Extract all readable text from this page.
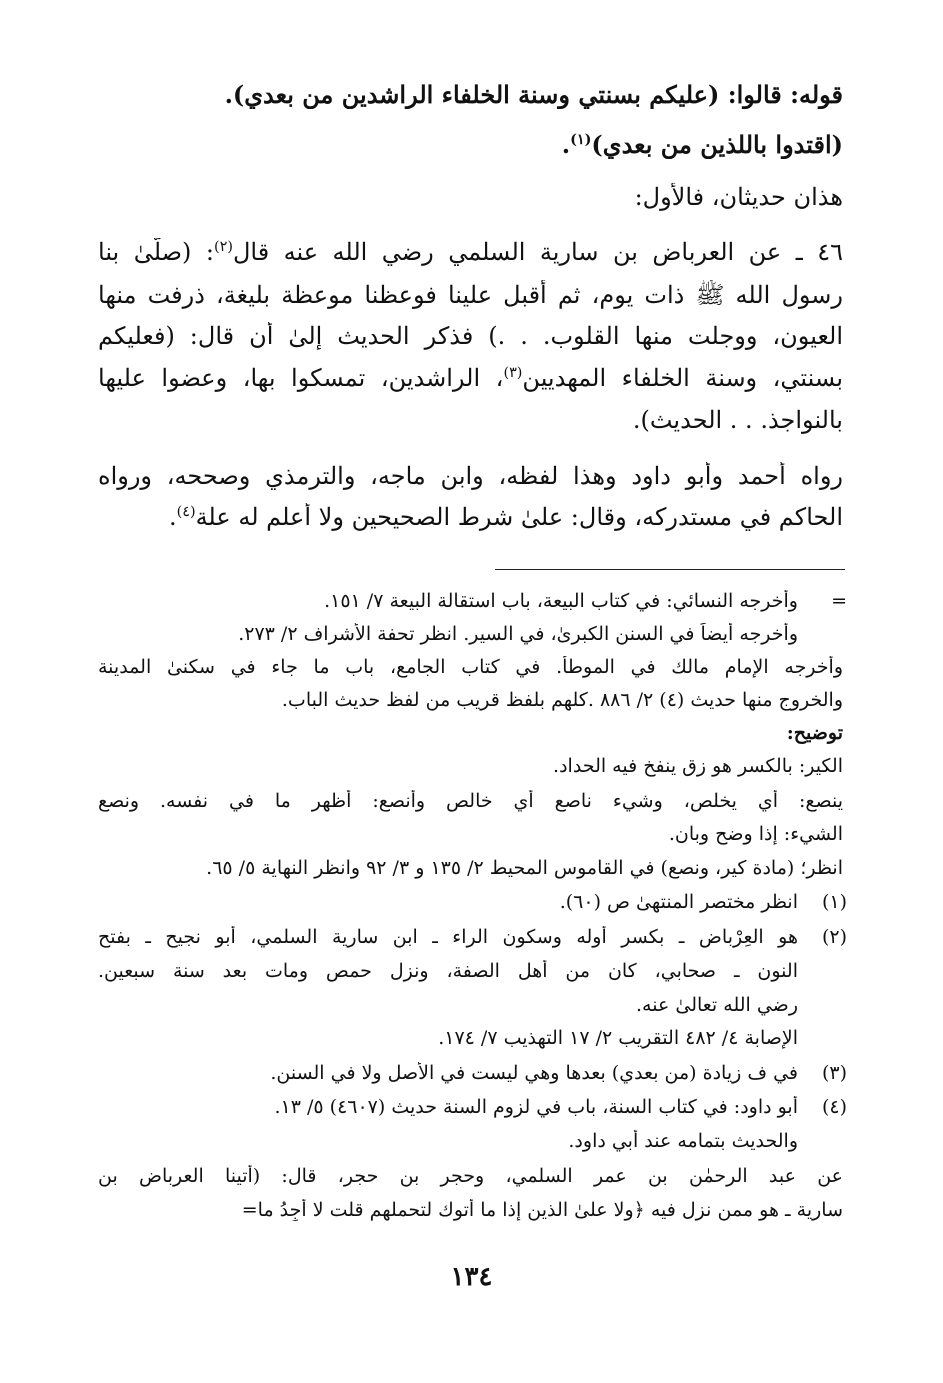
قوله: قالوا: (عليكم بسنتي وسنة الخلفاء الراشدين من بعدي).
(اقتدوا باللذين من بعدي)$^{(١)}$.
هذان حديثان، فالأول:
٤٦ ـ عن العرباض بن سارية السلمي رضي الله عنه قال$^{(٢)}$: (صلّىٰ بنا
رسول الله ﷺ ذات يوم، ثم أقبل علينا فوعظنا موعظة بليغة، ذرفت منها
العيون، ووجلت منها القلوب. . .) فذكر الحديث إلىٰ أن قال: (فعليكم
بسنتي، وسنة الخلفاء المهديين$^{(٣)}$، الراشدين، تمسكوا بها، وعضوا عليها
بالنواجذ. . . الحديث).
رواه أحمد وأبو داود وهذا لفظه، وابن ماجه، والترمذي وصححه، ورواه
الحاكم في مستدركه، وقال: علىٰ شرط الصحيحين ولا أعلم له علة$^{(٤)}$.
=
وأخرجه النسائي: في كتاب البيعة، باب استقالة البيعة ٧/ ١٥١.
وأخرجه أيضاً في السنن الكبرىٰ، في السير. انظر تحفة الأشراف ٢/ ٢٧٣.
وأخرجه الإمام مالك في الموطأ. في كتاب الجامع، باب ما جاء في سكنىٰ المدينة
والخروج منها حديث (٤) ٢/ ٨٨٦ .كلهم بلفظ قريب من لفظ حديث الباب.
توضيح:
الكير: بالكسر هو زق ينفخ فيه الحداد.
ينصع: أي يخلص، وشيء ناصع أي خالص وأنصع: أظهر ما في نفسه. ونصع
الشيء: إذا وضح وبان.
انظر؛ (مادة كير، ونصع) في القاموس المحيط ٢/ ١٣٥ و ٣/ ٩٢ وانظر النهاية ٥/ ٦٥.
(١)
انظر مختصر المنتهىٰ ص (٦٠).
(٢)
هو العِرْباض ـ بكسر أوله وسكون الراء ـ ابن سارية السلمي، أبو نجيح ـ بفتح
النون ـ صحابي، كان من أهل الصفة، ونزل حمص ومات بعد سنة سبعين.
رضي الله تعالىٰ عنه.
الإصابة ٤/ ٤٨٢ التقريب ٢/ ١٧ التهذيب ٧/ ١٧٤.
(٣)
في ف زيادة (من بعدي) بعدها وهي ليست في الأصل ولا في السنن.
(٤)
أبو داود: في كتاب السنة، باب في لزوم السنة حديث (٤٦٠٧) ٥/ ١٣.
والحديث بتمامه عند أبي داود.
عن عبد الرحمٰن بن عمر السلمي، وحجر بن حجر، قال: (أتينا العرباض بن
سارية ـ هو ممن نزل فيه ﴿ولا علىٰ الذين إذا ما أتوك لتحملهم قلت لا أَجِدُ ما=
١٣٤
